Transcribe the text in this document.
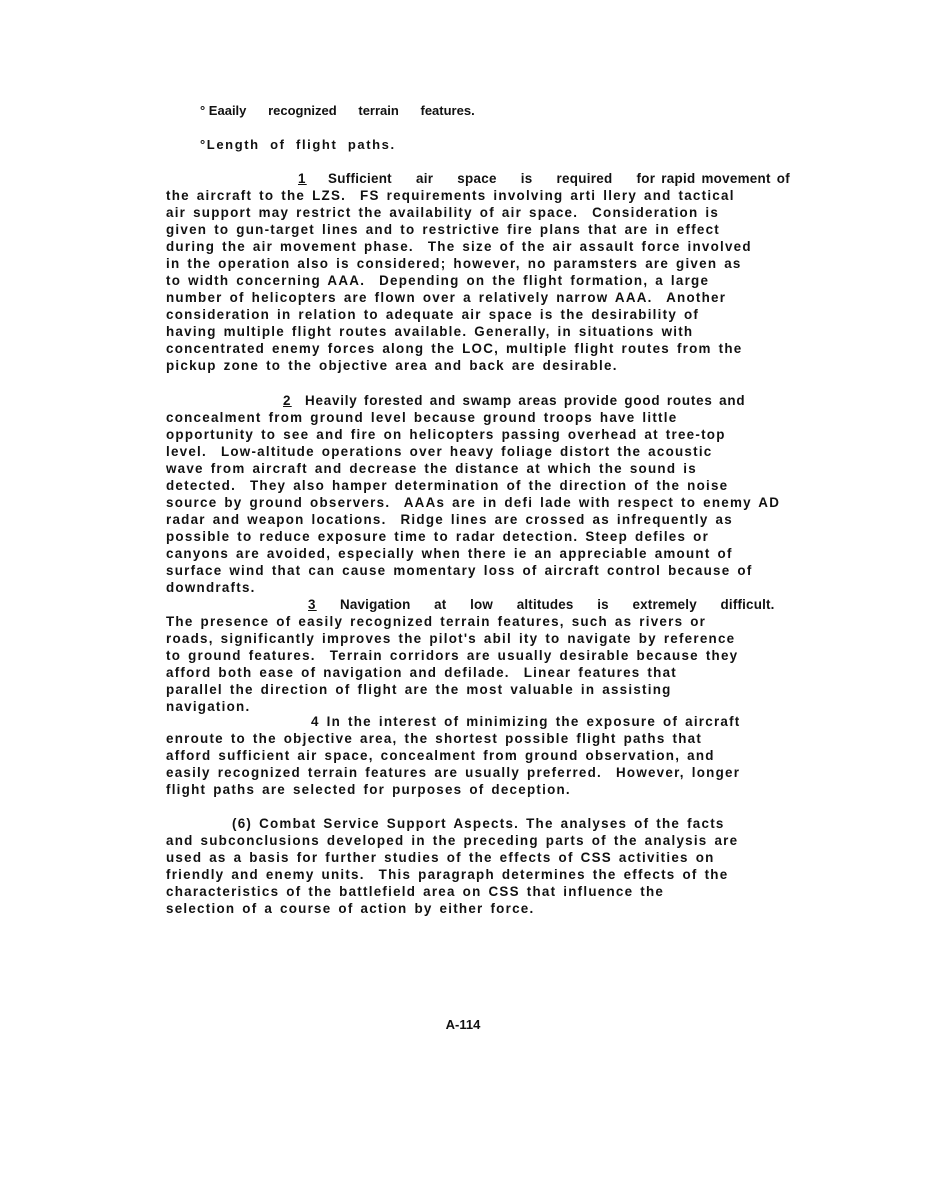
° Eaaily      recognized      terrain      features.
°Length  of  flight  paths.
1 Sufficient    air    space    is    required    for rapid movement of
the aircraft to the LZS.  FS requirements involving arti llery and tactical
air support may restrict the availability of air space.  Consideration is
given to gun-target lines and to restrictive fire plans that are in effect
during the air movement phase.  The size of the air assault force involved
in the operation also is considered; however, no paramsters are given as
to width concerning AAA.  Depending on the flight formation, a large
number of helicopters are flown over a relatively narrow AAA.  Another
consideration in relation to adequate air space is the desirability of
having multiple flight routes available. Generally, in situations with
concentrated enemy forces along the LOC, multiple flight routes from the
pickup zone to the objective area and back are desirable.
2 Heavily forested and swamp areas provide good routes and
concealment from ground level because ground troops have little
opportunity to see and fire on helicopters passing overhead at tree-top
level.  Low-altitude operations over heavy foliage distort the acoustic
wave from aircraft and decrease the distance at which the sound is
detected.  They also hamper determination of the direction of the noise
source by ground observers.  AAAs are in defi lade with respect to enemy AD
radar and weapon locations.  Ridge lines are crossed as infrequently as
possible to reduce exposure time to radar detection. Steep defiles or
canyons are avoided, especially when there ie an appreciable amount of
surface wind that can cause momentary loss of aircraft control because of
downdrafts.
3 Navigation    at    low    altitudes    is    extremely    difficult.
The presence of easily recognized terrain features, such as rivers or
roads, significantly improves the pilot's abil ity to navigate by reference
to ground features.  Terrain corridors are usually desirable because they
afford both ease of navigation and defilade.  Linear features that
parallel the direction of flight are the most valuable in assisting
navigation.
4 In the interest of minimizing the exposure of aircraft
enroute to the objective area, the shortest possible flight paths that
afford sufficient air space, concealment from ground observation, and
easily recognized terrain features are usually preferred.  However, longer
flight paths are selected for purposes of deception.
(6) Combat Service Support Aspects. The analyses of the facts
and subconclusions developed in the preceding parts of the analysis are
used as a basis for further studies of the effects of CSS activities on
friendly and enemy units.  This paragraph determines the effects of the
characteristics of the battlefield area on CSS that influence the
selection of a course of action by either force.
A-114
